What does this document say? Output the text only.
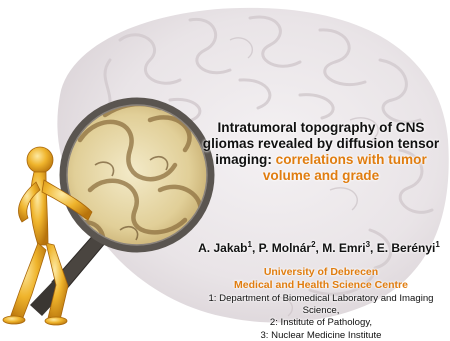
Intratumoral topography of CNS gliomas revealed by diffusion tensor imaging: correlations with tumor volume and grade
A. Jakab$^1$, P. Molnár$^2$, M. Emri$^3$, E. Berényi$^1$
University of Debrecen
Medical and Health Science Centre
1: Department of Biomedical Laboratory and Imaging Science,
2: Institute of Pathology,
3: Nuclear Medicine Institute
